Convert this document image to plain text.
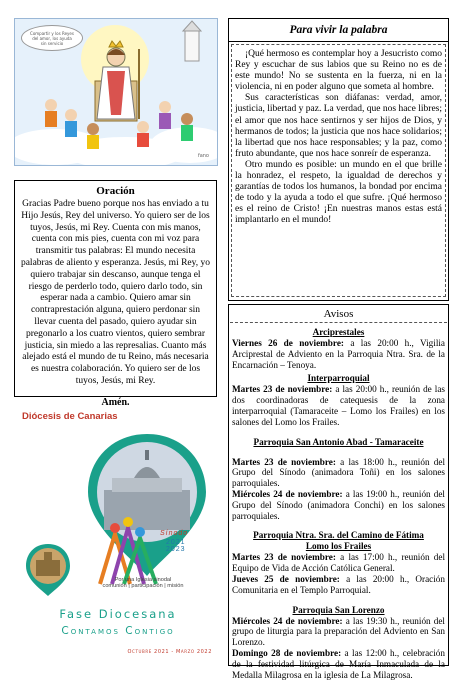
Compartir y los Reyes del amor, los ayuda sin servicio
fano
Oración
Gracias Padre bueno porque nos has enviado a tu Hijo Jesús, Rey del universo. Yo quiero ser de los tuyos, Jesús, mi Rey. Cuenta con mis manos, cuenta con mis pies, cuenta con mi voz para transmitir tus palabras: El mundo necesita palabras de aliento y esperanza. Jesús, mi Rey, yo quiero trabajar sin descanso, aunque tenga el riesgo de perderlo todo, quiero darlo todo, sin esperar nada a cambio. Quiero amar sin contraprestación alguna, quiero perdonar sin llevar cuenta del pasado, quiero ayudar sin pregonarlo a los cuatro vientos, quiero sembrar justicia, sin miedo a las represalias. Cuanto más alejado está el mundo de tu Reino, más necesaria es nuestra colaboración. Yo quiero ser de los tuyos, Jesús, mi Rey.
Amén.
Diócesis de Canarias
Sínodo
2021
2023
Por una Iglesia sinodal
comunión | participación | misión
Fase Diocesana
Contamos Contigo
Octubre 2021 - Marzo 2022
Para vivir la palabra

¡Qué hermoso es contemplar hoy a Jesucristo como Rey y escuchar de sus labios que su Reino no es de este mundo! No se sustenta en la fuerza, ni en la violencia, ni en poder alguno que someta al hombre.

Sus características son diáfanas: verdad, amor, justicia, libertad y paz. La verdad, que nos hace libres; el amor que nos hace sentirnos y ser hijos de Dios, y hermanos de todos; la justicia que nos hace solidarios; la libertad que nos hace responsables; y la paz, como fruto abundante, que nos hace sonreír de esperanza.

Otro mundo es posible: un mundo en el que brille la honradez, el respeto, la igualdad de derechos y garantías de todos los humanos, la bondad por encima de todo y la ayuda a todo el que sufre. ¡Qué hermoso es el reino de Cristo! ¡En nuestras manos estas está implantarlo en el mundo!

Avisos
Arciprestales

Viernes 26 de noviembre: a las 20:00 h., Vigilia Arciprestal de Adviento en la Parroquia Ntra. Sra. de la Encarnación – Tenoya.

Interparroquial

Martes 23 de noviembre: a las 20:00 h., reunión de las dos coordinadoras de catequesis de la zona interparroquial (Tamaraceite – Lomo los Frailes) en los salones del Lomo los Frailes.

Parroquia San Antonio Abad - Tamaraceite

Martes 23 de noviembre: a las 18:00 h., reunión del Grupo del Sínodo (animadora Toñi) en los salones parroquiales.

Miércoles 24 de noviembre: a las 19:00 h., reunión del Grupo del Sínodo (animadora Conchi) en los salones parroquiales.

Parroquia Ntra. Sra. del Camino de Fátima
Lomo los Frailes

Martes 23 de noviembre: a las 17:00 h., reunión del Equipo de Vida de Acción Católica General.

Jueves 25 de noviembre: a las 20:00 h., Oración Comunitaria en el Templo Parroquial.

Parroquia San Lorenzo

Miércoles 24 de noviembre: a las 19:30 h., reunión del grupo de liturgia para la preparación del Adviento en San Lorenzo.

Domingo 28 de noviembre: a las 12:00 h., celebración de la festividad litúrgica de María Inmaculada de la Medalla Milagrosa en la iglesia de La Milagrosa.
